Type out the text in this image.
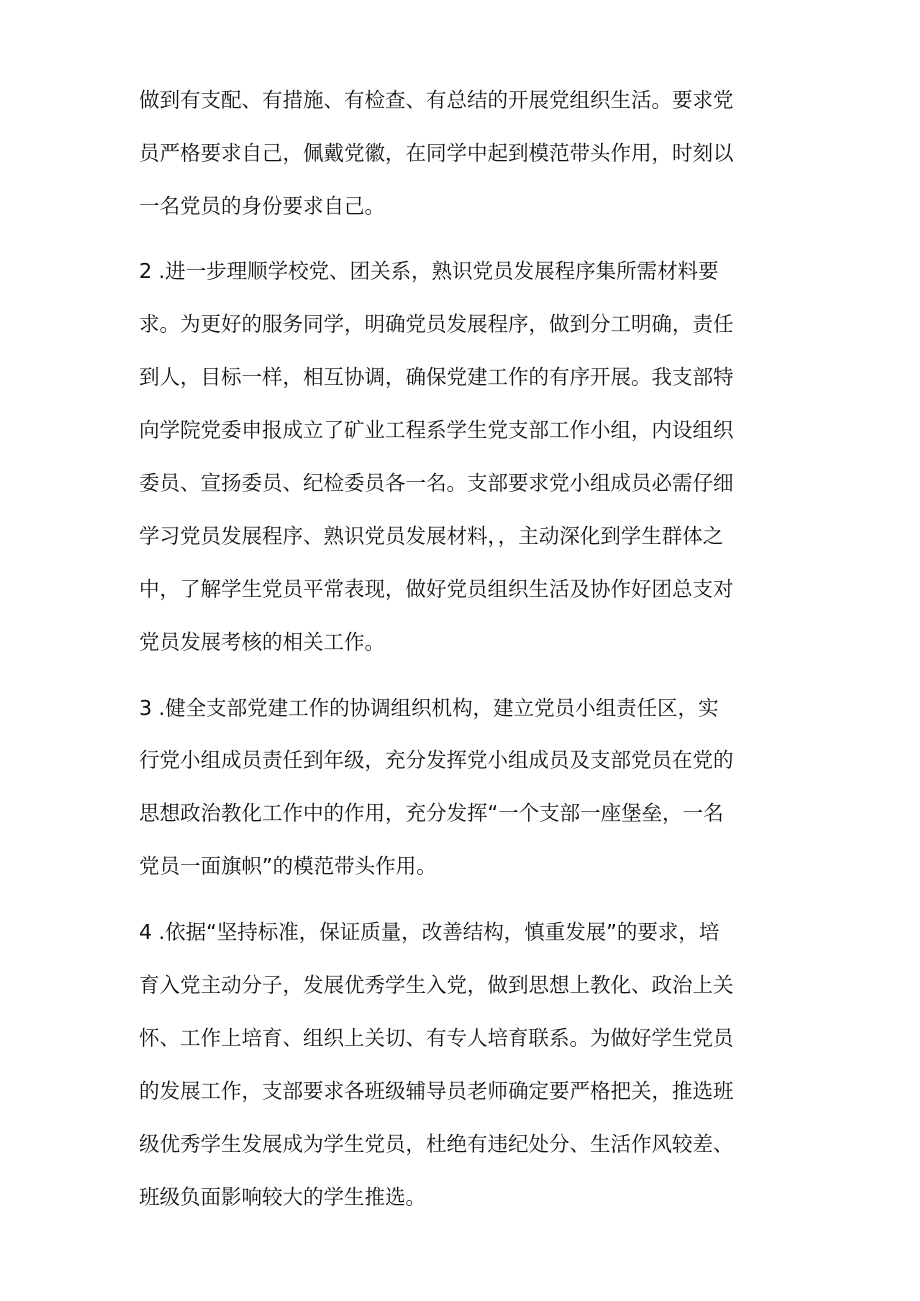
做到有支配、有措施、有检查、有总结的开展党组织生活。要求党
员严格要求自己，佩戴党徽，在同学中起到模范带头作用，时刻以
一名党员的身份要求自己。
2 .进一步理顺学校党、团关系，熟识党员发展程序集所需材料要
求。为更好的服务同学，明确党员发展程序，做到分工明确，责任
到人，目标一样，相互协调，确保党建工作的有序开展。我支部特
向学院党委申报成立了矿业工程系学生党支部工作小组，内设组织
委员、宣扬委员、纪检委员各一名。支部要求党小组成员必需仔细
学习党员发展程序、熟识党员发展材料，，主动深化到学生群体之
中，了解学生党员平常表现，做好党员组织生活及协作好团总支对
党员发展考核的相关工作。
3 .健全支部党建工作的协调组织机构，建立党员小组责任区，实
行党小组成员责任到年级，充分发挥党小组成员及支部党员在党的
思想政治教化工作中的作用，充分发挥“一个支部一座堡垒，一名
党员一面旗帜”的模范带头作用。
4 .依据“坚持标准，保证质量，改善结构，慎重发展”的要求，培
育入党主动分子，发展优秀学生入党，做到思想上教化、政治上关
怀、工作上培育、组织上关切、有专人培育联系。为做好学生党员
的发展工作，支部要求各班级辅导员老师确定要严格把关，推选班
级优秀学生发展成为学生党员，杜绝有违纪处分、生活作风较差、
班级负面影响较大的学生推选。
